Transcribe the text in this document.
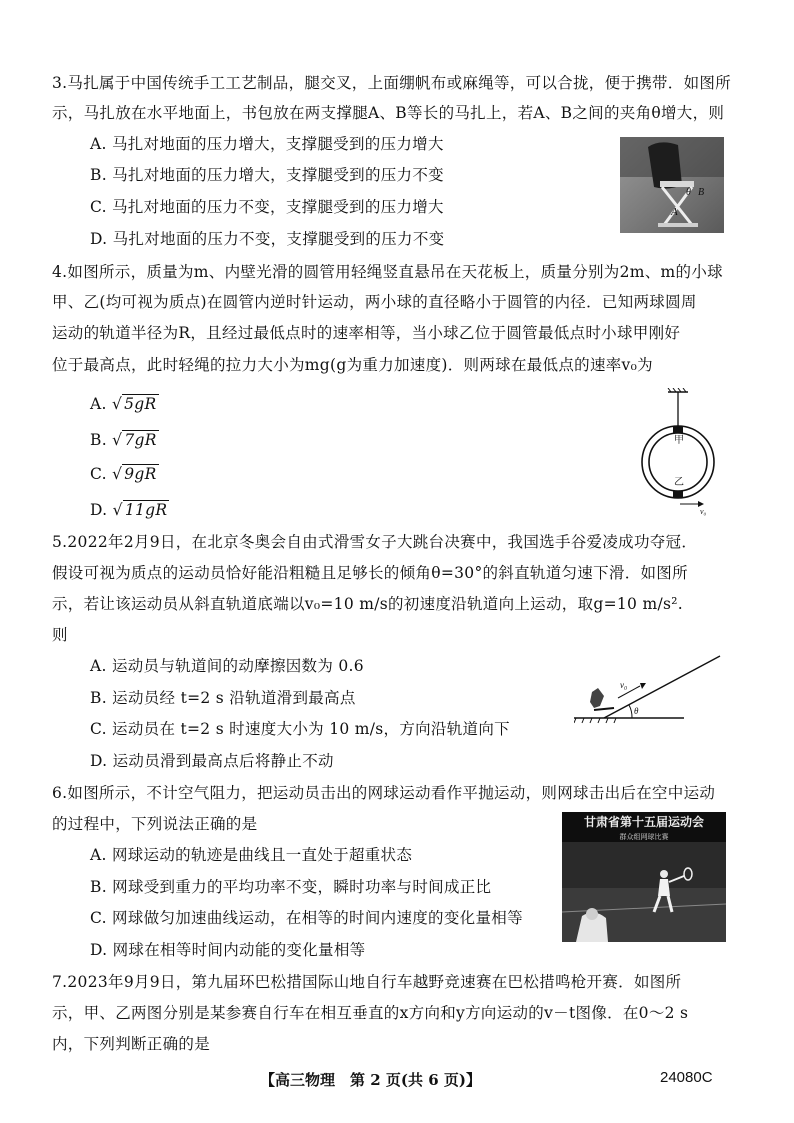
3.马扎属于中国传统手工工艺制品，腿交叉，上面绷帆布或麻绳等，可以合拢，便于携带．如图所
示，马扎放在水平地面上，书包放在两支撑腿A、B等长的马扎上，若A、B之间的夹角θ增大，则
A. 马扎对地面的压力增大，支撑腿受到的压力增大
B. 马扎对地面的压力增大，支撑腿受到的压力不变
C. 马扎对地面的压力不变，支撑腿受到的压力增大
D. 马扎对地面的压力不变，支撑腿受到的压力不变
A
B
θ
4.如图所示，质量为m、内壁光滑的圆管用轻绳竖直悬吊在天花板上，质量分别为2m、m的小球
甲、乙(均可视为质点)在圆管内逆时针运动，两小球的直径略小于圆管的内径．已知两球圆周
运动的轨道半径为R，且经过最低点时的速率相等，当小球乙位于圆管最低点时小球甲刚好
位于最高点，此时轻绳的拉力大小为mg(g为重力加速度)．则两球在最低点的速率v₀为
A. √ 5gR
B. √ 7gR
C. √ 9gR
D. √ 11gR
甲
乙
v₀
5.2022年2月9日，在北京冬奥会自由式滑雪女子大跳台决赛中，我国选手谷爱凌成功夺冠．
假设可视为质点的运动员恰好能沿粗糙且足够长的倾角θ=30°的斜直轨道匀速下滑．如图所
示，若让该运动员从斜直轨道底端以v₀=10 m/s的初速度沿轨道向上运动，取g=10 m/s².
则
A. 运动员与轨道间的动摩擦因数为 0.6
B. 运动员经 t=2 s 沿轨道滑到最高点
C. 运动员在 t=2 s 时速度大小为 10 m/s，方向沿轨道向下
D. 运动员滑到最高点后将静止不动
v₀
θ
6.如图所示，不计空气阻力，把运动员击出的网球运动看作平抛运动，则网球击出后在空中运动
的过程中，下列说法正确的是
A. 网球运动的轨迹是曲线且一直处于超重状态
B. 网球受到重力的平均功率不变，瞬时功率与时间成正比
C. 网球做匀加速曲线运动，在相等的时间内速度的变化量相等
D. 网球在相等时间内动能的变化量相等
甘肃省第十五届运动会
群众组网球比赛
7.2023年9月9日，第九届环巴松措国际山地自行车越野竞速赛在巴松措鸣枪开赛．如图所
示，甲、乙两图分别是某参赛自行车在相互垂直的x方向和y方向运动的v－t图像．在0～2 s
内，下列判断正确的是
【高三物理　第 2 页(共 6 页)】	24080C
